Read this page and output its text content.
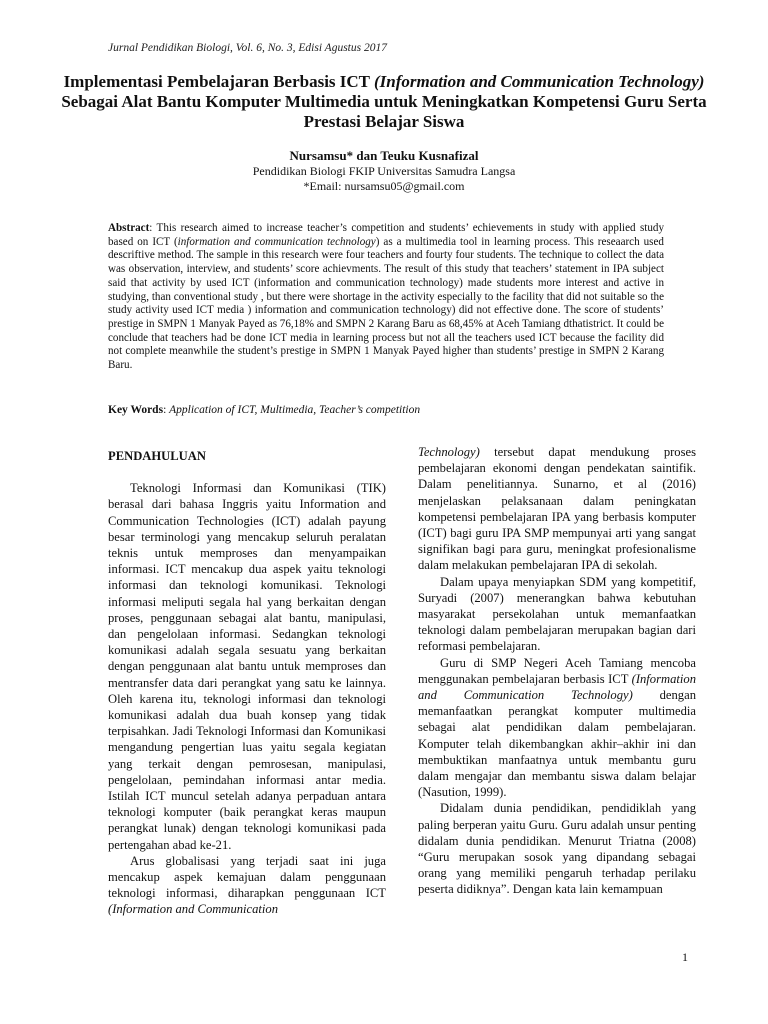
Jurnal Pendidikan Biologi, Vol. 6, No. 3, Edisi Agustus 2017
Implementasi Pembelajaran Berbasis ICT (Information and Communication Technology) Sebagai Alat Bantu Komputer Multimedia untuk Meningkatkan Kompetensi Guru Serta Prestasi Belajar Siswa
Nursamsu* dan Teuku Kusnafizal
Pendidikan Biologi FKIP Universitas Samudra Langsa
*Email: nursamsu05@gmail.com
Abstract: This research aimed to increase teacher’s competition and students’ echievements in study with applied study based on ICT (information and communication technology) as a multimedia tool in learning process. This reseaarch used descriftive method. The sample in this research were four teachers and fourty four students. The technique to collect the data was observation, interview, and students’ score achievments. The result of this study that teachers’ statement in IPA subject said that activity by used ICT (information and communication technology) made students more interest and active in studying, than conventional study , but there were shortage in the activity especially to the facility that did not suitable so the study activity used ICT media ) information and communication technology) did not effective done. The score of students’ prestige in SMPN 1 Manyak Payed as 76,18% and SMPN 2 Karang Baru as 68,45% at Aceh Tamiang dthatistrict. It could be conclude that teachers had be done ICT media in learning process but not all the teachers used ICT because the facility did not complete meanwhile the student’s prestige in SMPN 1 Manyak Payed higher than students’ prestige in SMPN 2 Karang Baru.
Key Words: Application of ICT, Multimedia, Teacher’s competition

PENDAHULUAN

Teknologi Informasi dan Komunikasi (TIK) berasal dari bahasa Inggris yaitu Information and Communication Technologies (ICT) adalah payung besar terminologi yang mencakup seluruh peralatan teknis untuk memproses dan menyampaikan informasi. ICT mencakup dua aspek yaitu teknologi informasi dan teknologi komunikasi. Teknologi informasi meliputi segala hal yang berkaitan dengan proses, penggunaan sebagai alat bantu, manipulasi, dan pengelolaan informasi. Sedangkan teknologi komunikasi adalah segala sesuatu yang berkaitan dengan penggunaan alat bantu untuk memproses dan mentransfer data dari perangkat yang satu ke lainnya. Oleh karena itu, teknologi informasi dan teknologi komunikasi adalah dua buah konsep yang tidak terpisahkan. Jadi Teknologi Informasi dan Komunikasi mengandung pengertian luas yaitu segala kegiatan yang terkait dengan pemrosesan, manipulasi, pengelolaan, pemindahan informasi antar media. Istilah ICT muncul setelah adanya perpaduan antara teknologi komputer (baik perangkat keras maupun perangkat lunak) dengan teknologi komunikasi pada pertengahan abad ke-21.

Arus globalisasi yang terjadi saat ini juga mencakup aspek kemajuan dalam penggunaan teknologi informasi, diharapkan penggunaan ICT (Information and Communication

Technology) tersebut dapat mendukung proses pembelajaran ekonomi dengan pendekatan saintifik. Dalam penelitiannya. Sunarno, et al (2016) menjelaskan pelaksanaan dalam peningkatan kompetensi pembelajaran IPA yang berbasis komputer (ICT) bagi guru IPA SMP mempunyai arti yang sangat signifikan bagi para guru, meningkat profesionalisme dalam melakukan pembelajaran IPA di sekolah.

Dalam upaya menyiapkan SDM yang kompetitif, Suryadi (2007) menerangkan bahwa kebutuhan masyarakat persekolahan untuk memanfaatkan teknologi dalam pembelajaran merupakan bagian dari reformasi pembelajaran.

Guru di SMP Negeri Aceh Tamiang mencoba menggunakan pembelajaran berbasis ICT (Information and Communication Technology) dengan memanfaatkan perangkat komputer multimedia sebagai alat pendidikan dalam pembelajaran. Komputer telah dikembangkan akhir–akhir ini dan membuktikan manfaatnya untuk membantu guru dalam mengajar dan membantu siswa dalam belajar (Nasution, 1999).

Didalam dunia pendidikan, pendidiklah yang paling berperan yaitu Guru. Guru adalah unsur penting didalam dunia pendidikan. Menurut Triatna (2008) “Guru merupakan sosok yang dipandang sebagai orang yang memiliki pengaruh terhadap perilaku peserta didiknya”. Dengan kata lain kemampuan

1
